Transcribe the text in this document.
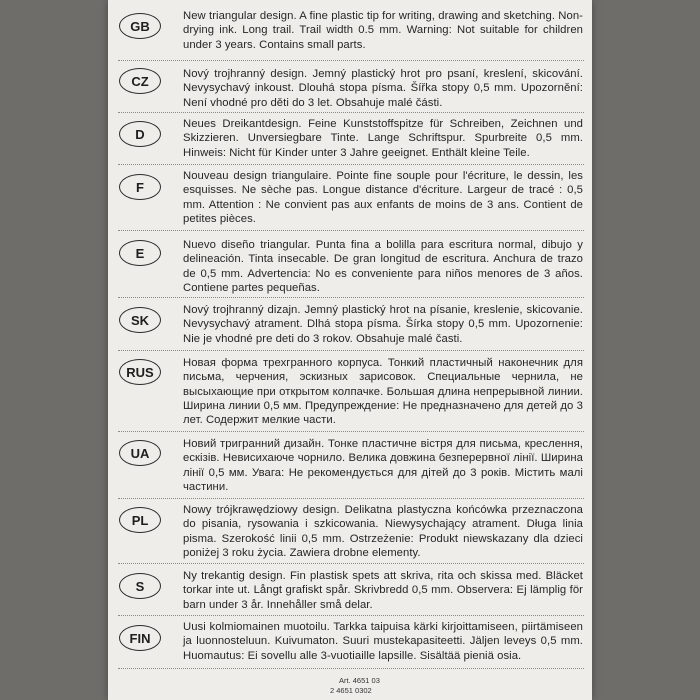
GB
New triangular design. A fine plastic tip for writing, drawing and sketching. Non-drying ink. Long trail. Trail width 0.5 mm. Warning: Not suitable for children under 3 years. Contains small parts.
CZ	Nový trojhranný design. Jemný plastický hrot pro psaní, kreslení, skicování. Nevysychavý inkoust. Dlouhá stopa písma. Šířka stopy 0,5 mm. Upozornění: Není vhodné pro děti do 3 let. Obsahuje malé části.
D
Neues Dreikantdesign. Feine Kunststoffspitze für Schreiben, Zeichnen und Skizzieren. Unversiegbare Tinte. Lange Schriftspur. Spurbreite 0,5 mm. Hinweis: Nicht für Kinder unter 3 Jahre geeignet. Enthält kleine Teile.
F
Nouveau design triangulaire. Pointe fine souple pour l'écriture, le dessin, les esquisses. Ne sèche pas. Longue distance d'écriture. Largeur de tracé : 0,5 mm. Attention : Ne convient pas aux enfants de moins de 3 ans. Contient de petites pièces.
E
Nuevo diseño triangular. Punta fina a bolilla para escritura normal, dibujo y delineación. Tinta insecable. De gran longitud de escritura. Anchura de trazo de 0,5 mm. Advertencia: No es conveniente para niños menores de 3 años. Contiene partes pequeñas.
SK
Nový trojhranný dizajn. Jemný plastický hrot na písanie, kreslenie, skicovanie. Nevysychavý atrament. Dlhá stopa písma. Šírka stopy 0,5 mm. Upozornenie: Nie je vhodné pre deti do 3 rokov. Obsahuje malé časti.
RUS
Новая форма трехгранного корпуса. Тонкий пластичный наконечник для письма, черчения, эскизных зарисовок. Специальные чернила, не высыхающие при открытом колпачке. Большая длина непрерывной линии. Ширина линии 0,5 мм. Предупреждение: Не предназначено для детей до 3 лет. Содержит мелкие части.
UA
Новий тригранний дизайн. Тонке пластичне вістря для письма, креслення, ескізів. Невисихаюче чорнило. Велика довжина безперервної лінії. Ширина лінії 0,5 мм. Увага: Не рекомендується для дітей до 3 років. Містить малі частини.
PL
Nowy trójkrawędziowy design. Delikatna plastyczna końcówka przeznaczona do pisania, rysowania i szkicowania. Niewysychający atrament. Długa linia pisma. Szerokość linii 0,5 mm. Ostrzeżenie: Produkt niewskazany dla dzieci poniżej 3 roku życia. Zawiera drobne elementy.
S
Ny trekantig design. Fin plastisk spets att skriva, rita och skissa med. Bläcket torkar inte ut. Långt grafiskt spår. Skrivbredd 0,5 mm. Observera: Ej lämplig för barn under 3 år. Innehåller små delar.
FIN
Uusi kolmiomainen muotoilu. Tarkka taipuisa kärki kirjoittamiseen, piirtämiseen ja luonnosteluun. Kuivumaton. Suuri mustekapasiteetti. Jäljen leveys 0,5 mm. Huomautus: Ei sovellu alle 3-vuotiaille lapsille. Sisältää pieniä osia.
Art. 4651 03
2 4651 0302
